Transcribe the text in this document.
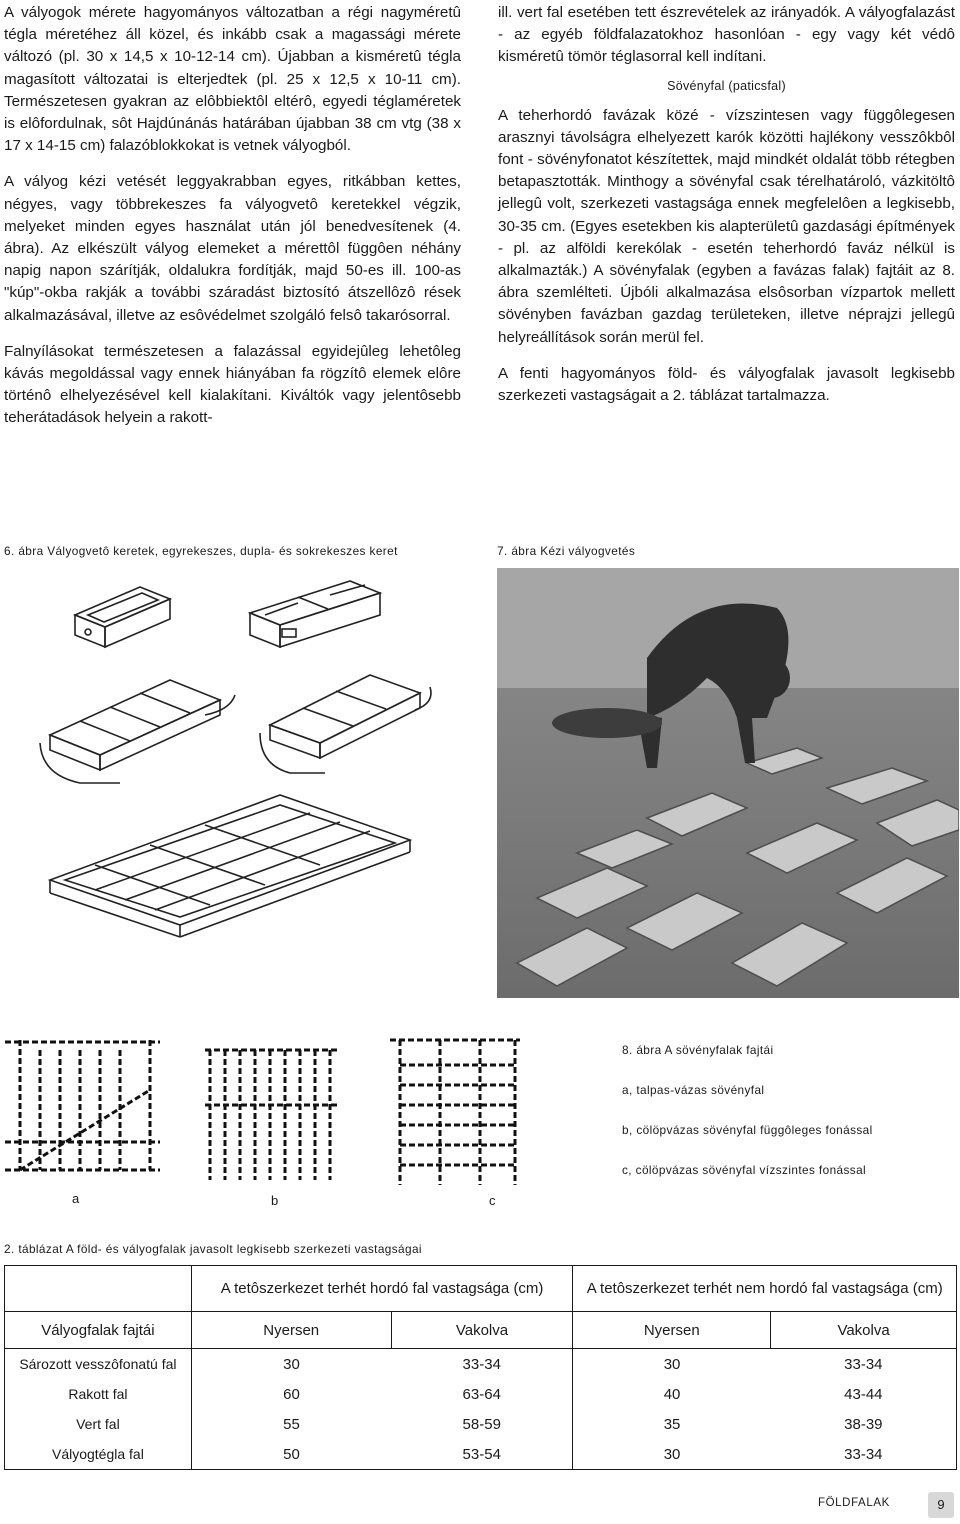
A vályogok mérete hagyományos változatban a régi nagyméretû tégla méretéhez áll közel, és inkább csak a magassági mérete változó (pl. 30 x 14,5 x 10-12-14 cm). Újabban a kisméretû tégla magasított változatai is elterjedtek (pl. 25 x 12,5 x 10-11 cm). Természetesen gyakran az elôbbiektôl eltérô, egyedi téglaméretek is elôfordulnak, sôt Hajdúnánás határában újabban 38 cm vtg (38 x 17 x 14-15 cm) falazóblokkokat is vetnek vályogból.

A vályog kézi vetését leggyakrabban egyes, ritkábban kettes, négyes, vagy többrekeszes fa vályogvetô keretekkel végzik, melyeket minden egyes használat után jól benedvesítenek (4. ábra). Az elkészült vályog elemeket a mérettôl függôen néhány napig napon szárítják, oldalukra fordítják, majd 50-es ill. 100-as "kúp"-okba rakják a további száradást biztosító átszellôzô rések alkalmazásával, illetve az esôvédelmet szolgáló felsô takarósorral.

Falnyílásokat természetesen a falazással egyidejûleg lehetôleg kávás megoldással vagy ennek hiányában fa rögzítô elemek elôre történô elhelyezésével kell kialakítani. Kiváltók vagy jelentôsebb teherátadások helyein a rakott-

ill. vert fal esetében tett észrevételek az irányadók. A vályogfalazást - az egyéb földfalazatokhoz hasonlóan - egy vagy két védô kisméretû tömör téglasorral kell indítani.

Sövényfal (paticsfal)

A teherhordó favázak közé - vízszintesen vagy függôlegesen arasznyi távolságra elhelyezett karók közötti hajlékony vesszôkbôl font - sövényfonatot készítettek, majd mindkét oldalát több rétegben betapasztották. Minthogy a sövényfal csak térelhatároló, vázkitöltô jellegû volt, szerkezeti vastagsága ennek megfelelôen a legkisebb, 30-35 cm. (Egyes esetekben kis alapterületû gazdasági építmények - pl. az alföldi kerekólak - esetén teherhordó faváz nélkül is alkalmazták.) A sövényfalak (egyben a favázas falak) fajtáit az 8. ábra szemlélteti. Újbóli alkalmazása elsôsorban vízpartok mellett sövényben favázban gazdag területeken, illetve néprajzi jellegû helyreállítások során merül fel.

A fenti hagyományos föld- és vályogfalak javasolt legkisebb szerkezeti vastagságait a 2. táblázat tartalmazza.

6. ábra Vályogvetô keretek, egyrekeszes, dupla- és sokrekeszes keret	7. ábra Kézi vályogvetés
a	b	c
8. ábra A sövényfalak fajtái
a, talpas-vázas sövényfal
b, cölöpvázas sövényfal függôleges fonással
c, cölöpvázas sövényfal vízszintes fonással
2. táblázat A föld- és vályogfalak javasolt legkisebb szerkezeti vastagságai
	A tetôszerkezet terhét hordó fal vastagsága (cm)		A tetôszerkezet terhét nem hordó fal vastagsága (cm)	
Vályogfalak fajtái	Nyersen	Vakolva	Nyersen	Vakolva
Sározott vesszôfonatú fal	30	33-34	30	33-34
Rakott fal	60	63-64	40	43-44
Vert fal	55	58-59	35	38-39
Vályogtégla fal	50	53-54	30	33-34
FÖLDFALAK	9
